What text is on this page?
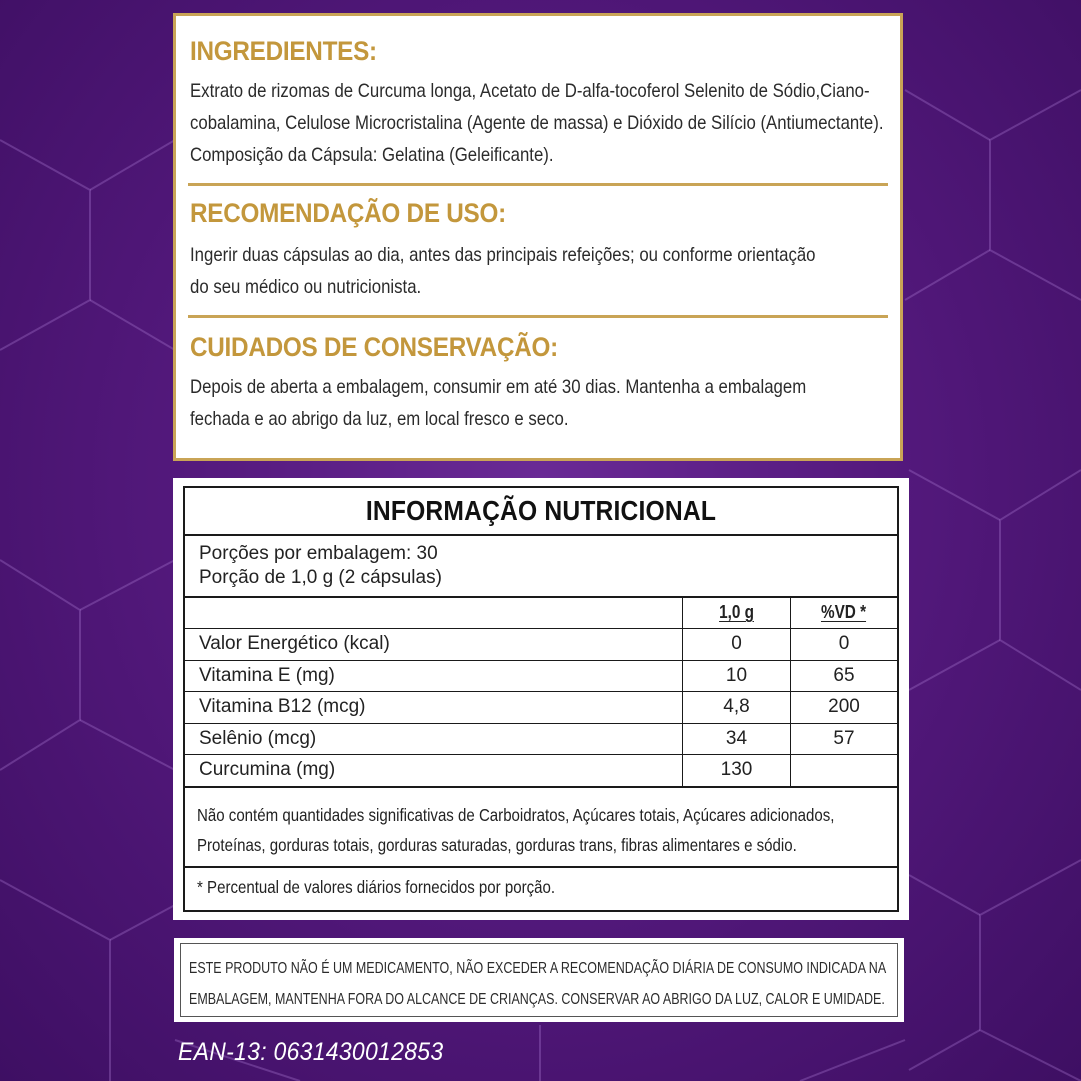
INGREDIENTES:
Extrato de rizomas de Curcuma longa, Acetato de D-alfa-tocoferol Selenito de Sódio,Ciano-
cobalamina, Celulose Microcristalina (Agente de massa) e Dióxido de Silício (Antiumectante).
Composição da Cápsula: Gelatina (Geleificante).
RECOMENDAÇÃO DE USO:
Ingerir duas cápsulas ao dia, antes das principais refeições; ou conforme orientação
do seu médico ou nutricionista.
CUIDADOS DE CONSERVAÇÃO:
Depois de aberta a embalagem, consumir em até 30 dias. Mantenha a embalagem
fechada e ao abrigo da luz, em local fresco e seco.
INFORMAÇÃO NUTRICIONAL
Porções por embalagem: 30
Porção de 1,0 g (2 cápsulas)
	1,0 g	%VD *
Valor Energético (kcal)	0	0
Vitamina E (mg)	10	65
Vitamina B12 (mcg)	4,8	200
Selênio (mcg)	34	57
Curcumina (mg)	130	

Não contém quantidades significativas de Carboidratos, Açúcares totais, Açúcares adicionados,

Proteínas, gorduras totais, gorduras saturadas, gorduras trans, fibras alimentares e sódio.

* Percentual de valores diários fornecidos por porção.

ESTE PRODUTO NÃO É UM MEDICAMENTO, NÃO EXCEDER A RECOMENDAÇÃO DIÁRIA DE CONSUMO INDICADA NA

EMBALAGEM, MANTENHA FORA DO ALCANCE DE CRIANÇAS. CONSERVAR AO ABRIGO DA LUZ, CALOR E UMIDADE.

EAN-13: 0631430012853
